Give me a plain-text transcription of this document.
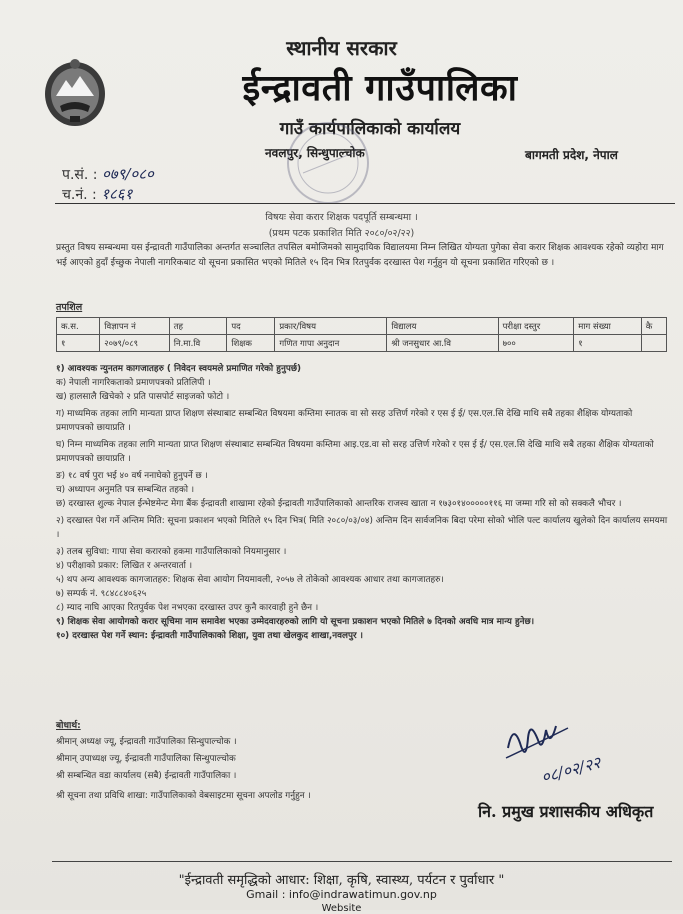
स्थानीय सरकार
ईन्द्रावती गाउँपालिका
गाउँ कार्यपालिकाको कार्यालय
नवलपुर, सिन्धुपाल्चोक	बागमती प्रदेश, नेपाल
प.सं. : ०७९/०८०
च.नं. : १८६१
विषयः सेवा करार शिक्षक पदपूर्ति सम्बन्धमा ।
(प्रथम पटक प्रकाशित मिति २०८०/०२/२२)
प्रस्तुत विषय सम्बन्धमा यस ईन्द्रावती गाउँपालिका अन्तर्गत सञ्चालित तपसिल बमोजिमको सामुदायिक विद्यालयमा निम्न लिखित योग्यता पुगेका सेवा करार शिक्षक आवश्यक रहेको व्यहोरा माग भई आएको हुदाँ ईच्छुक नेपाली नागरिकबाट यो सूचना प्रकासित भएको मितिले १५ दिन भित्र रितपुर्वक दरखास्त पेश गर्नुहुन यो सूचना प्रकाशित गरिएको छ ।
तपशिल
क.स.	विज्ञापन नं	तह	पद	प्रकार/विषय	विद्यालय	परीक्षा दस्तुर	माग संख्या	कै
१	२०७९/०८९	नि.मा.वि	शिक्षक	गणित गापा अनुदान	श्री जनसुधार आ.वि	७००	१	

१) आवश्यक न्युनतम कागजातहरु ( निवेदन स्वयमले प्रमाणित गरेको हुनुपर्छ)

क) नेपाली नागरिकताको प्रमाणपत्रको प्रतिलिपी ।

ख) हालसालै खिचेको २ प्रति पासपोर्ट साइजको फोटो ।

ग) माध्यमिक तहका लागि मान्यता प्राप्त शिक्षण संस्थाबाट सम्बन्धित विषयमा कम्तिमा स्नातक वा सो सरह उत्तिर्ण गरेको र एस ई ई/ एस.एल.सि देखि माथि सबै तहका शैक्षिक योग्यताको प्रमाणपत्रको छायाप्रति ।

घ) निम्न माध्यमिक तहका लागि मान्यता प्राप्त शिक्षण संस्थाबाट सम्बन्धित विषयमा कम्तिमा आइ.एड.वा सो सरह उत्तिर्ण गरेको र एस ई ई/ एस.एल.सि देखि माथि सबै तहका शैक्षिक योग्यताको प्रमाणपत्रको छायाप्रति ।

ङ) १८ वर्ष पुरा भई ४० वर्ष ननाघेको हुनुपर्ने छ ।

च) अध्यापन अनुमति पत्र सम्बन्धित तहको ।

छ) दरखास्त शुल्क नेपाल ईन्भेष्टमेन्ट मेगा बैंक ईन्द्रावती शाखामा रहेको ईन्द्रावती गाउँपालिकाको आन्तरिक राजस्व खाता न १७३०१४०००००११६ मा जम्मा गरि सो को सक्कलै भौचर ।

२) दरखास्त पेश गर्ने अन्तिम मिति: सूचना प्रकाशन भएको मितिले १५ दिन भित्र( मिति २०८०/०३/०४) अन्तिम दिन सार्वजनिक बिदा परेमा सोको भोलि पल्ट कार्यालय खुलेको दिन कार्यालय समयमा ।

३) तलब सुविधा: गापा सेवा करारको हकमा गाउँपालिकाको नियमानुसार ।

४) परीक्षाको प्रकार: लिखित र अन्तरवार्ता ।

५) थप अन्य आवश्यक कागजातहरु: शिक्षक सेवा आयोग नियमावली, २०५७ ले तोकेको आवश्यक आधार तथा कागजातहरु।

७) सम्पर्क नं. ९८४८८४०६२५

८) म्याद नाघि आएका रितपुर्वक पेश नभएका दरखास्त उपर कुनै कारवाही हुने छैन ।

९) शिक्षक सेवा आयोगको करार सूचिमा नाम समावेश भएका उम्मेदवारहरुको लागि यो सूचना प्रकाशन भएको मितिले ७ दिनको अवधि मात्र मान्य हुनेछ।

१०) दरखास्त पेश गर्ने स्थान: ईन्द्रावती गाउँपालिकाको शिक्षा, युवा तथा खेलकुद शाखा,नवलपुर ।

बोधार्थ:
श्रीमान् अध्यक्ष ज्यू, ईन्द्रावती गाउँपालिका सिन्धुपाल्चोक ।
श्रीमान् उपाध्यक्ष ज्यू, ईन्द्रावती गाउँपालिका सिन्धुपाल्चोक
श्री सम्बन्धित वडा कार्यालय (सबै) ईन्द्रावती गाउँपालिका ।
श्री सूचना तथा प्रविधि शाखा: गाउँपालिकाको वेबसाइटमा सूचना अपलोड गर्नुहुन ।
०८/०२/२२
नि. प्रमुख प्रशासकीय अधिकृत
"ईन्द्रावती समृद्धिको आधार: शिक्षा, कृषि, स्वास्थ्य, पर्यटन र पुर्वाधार "
Gmail : info@indrawatimun.gov.np
Website
